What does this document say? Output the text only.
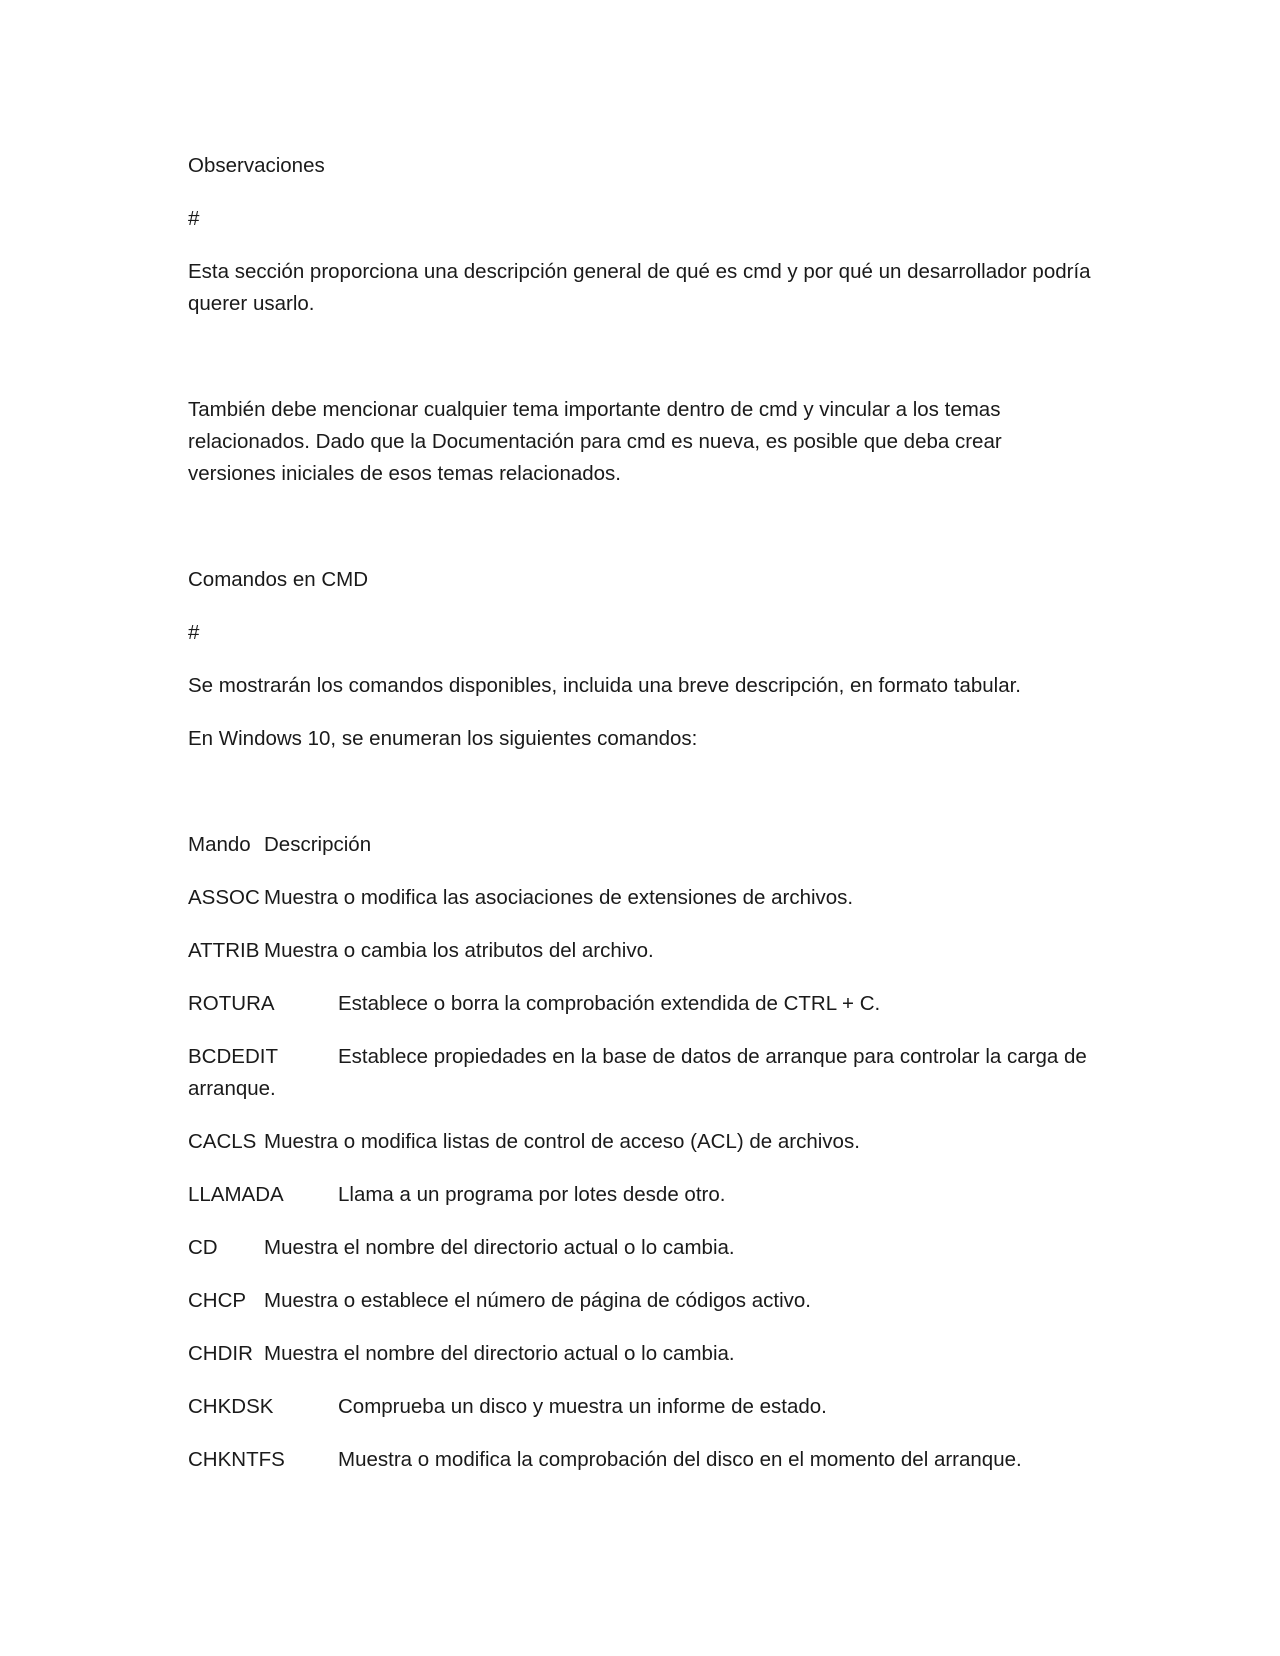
Observaciones

#

Esta sección proporciona una descripción general de qué es cmd y por qué un desarrollador podría querer usarlo.

También debe mencionar cualquier tema importante dentro de cmd y vincular a los temas relacionados. Dado que la Documentación para cmd es nueva, es posible que deba crear versiones iniciales de esos temas relacionados.

Comandos en CMD

#

Se mostrarán los comandos disponibles, incluida una breve descripción, en formato tabular.

En Windows 10, se enumeran los siguientes comandos:

Mando Descripción
ASSOC Muestra o modifica las asociaciones de extensiones de archivos.
ATTRIB Muestra o cambia los atributos del archivo.
ROTURA	Establece o borra la comprobación extendida de CTRL + C.
BCDEDIT	Establece propiedades en la base de datos de arranque para controlar la carga de arranque.
CACLS Muestra o modifica listas de control de acceso (ACL) de archivos.
LLAMADA	Llama a un programa por lotes desde otro.
CD Muestra el nombre del directorio actual o lo cambia.
CHCP Muestra o establece el número de página de códigos activo.
CHDIR Muestra el nombre del directorio actual o lo cambia.
CHKDSK	Comprueba un disco y muestra un informe de estado.
CHKNTFS	Muestra o modifica la comprobación del disco en el momento del arranque.
